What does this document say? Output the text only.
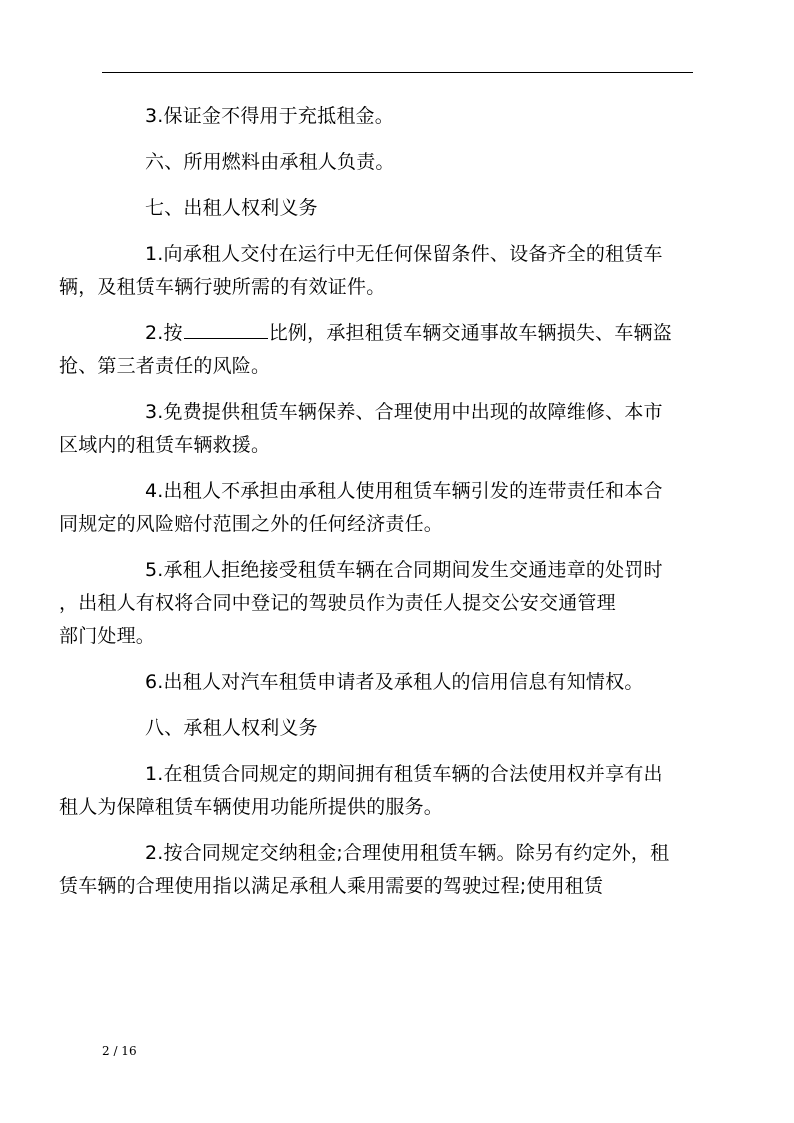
3.保证金不得用于充抵租金。

六、所用燃料由承租人负责。

七、出租人权利义务

1.向承租人交付在运行中无任何保留条件、设备齐全的租赁车
辆，及租赁车辆行驶所需的有效证件。

2.按	比例，承担租赁车辆交通事故车辆损失、车辆盗
抢、第三者责任的风险。

3.免费提供租赁车辆保养、合理使用中出现的故障维修、本市
区域内的租赁车辆救援。

4.出租人不承担由承租人使用租赁车辆引发的连带责任和本合
同规定的风险赔付范围之外的任何经济责任。

5.承租人拒绝接受租赁车辆在合同期间发生交通违章的处罚时
，出租人有权将合同中登记的驾驶员作为责任人提交公安交通管理
部门处理。

6.出租人对汽车租赁申请者及承租人的信用信息有知情权。

八、承租人权利义务

1.在租赁合同规定的期间拥有租赁车辆的合法使用权并享有出
租人为保障租赁车辆使用功能所提供的服务。

2.按合同规定交纳租金;合理使用租赁车辆。除另有约定外，租
赁车辆的合理使用指以满足承租人乘用需要的驾驶过程;使用租赁

2 / 16
